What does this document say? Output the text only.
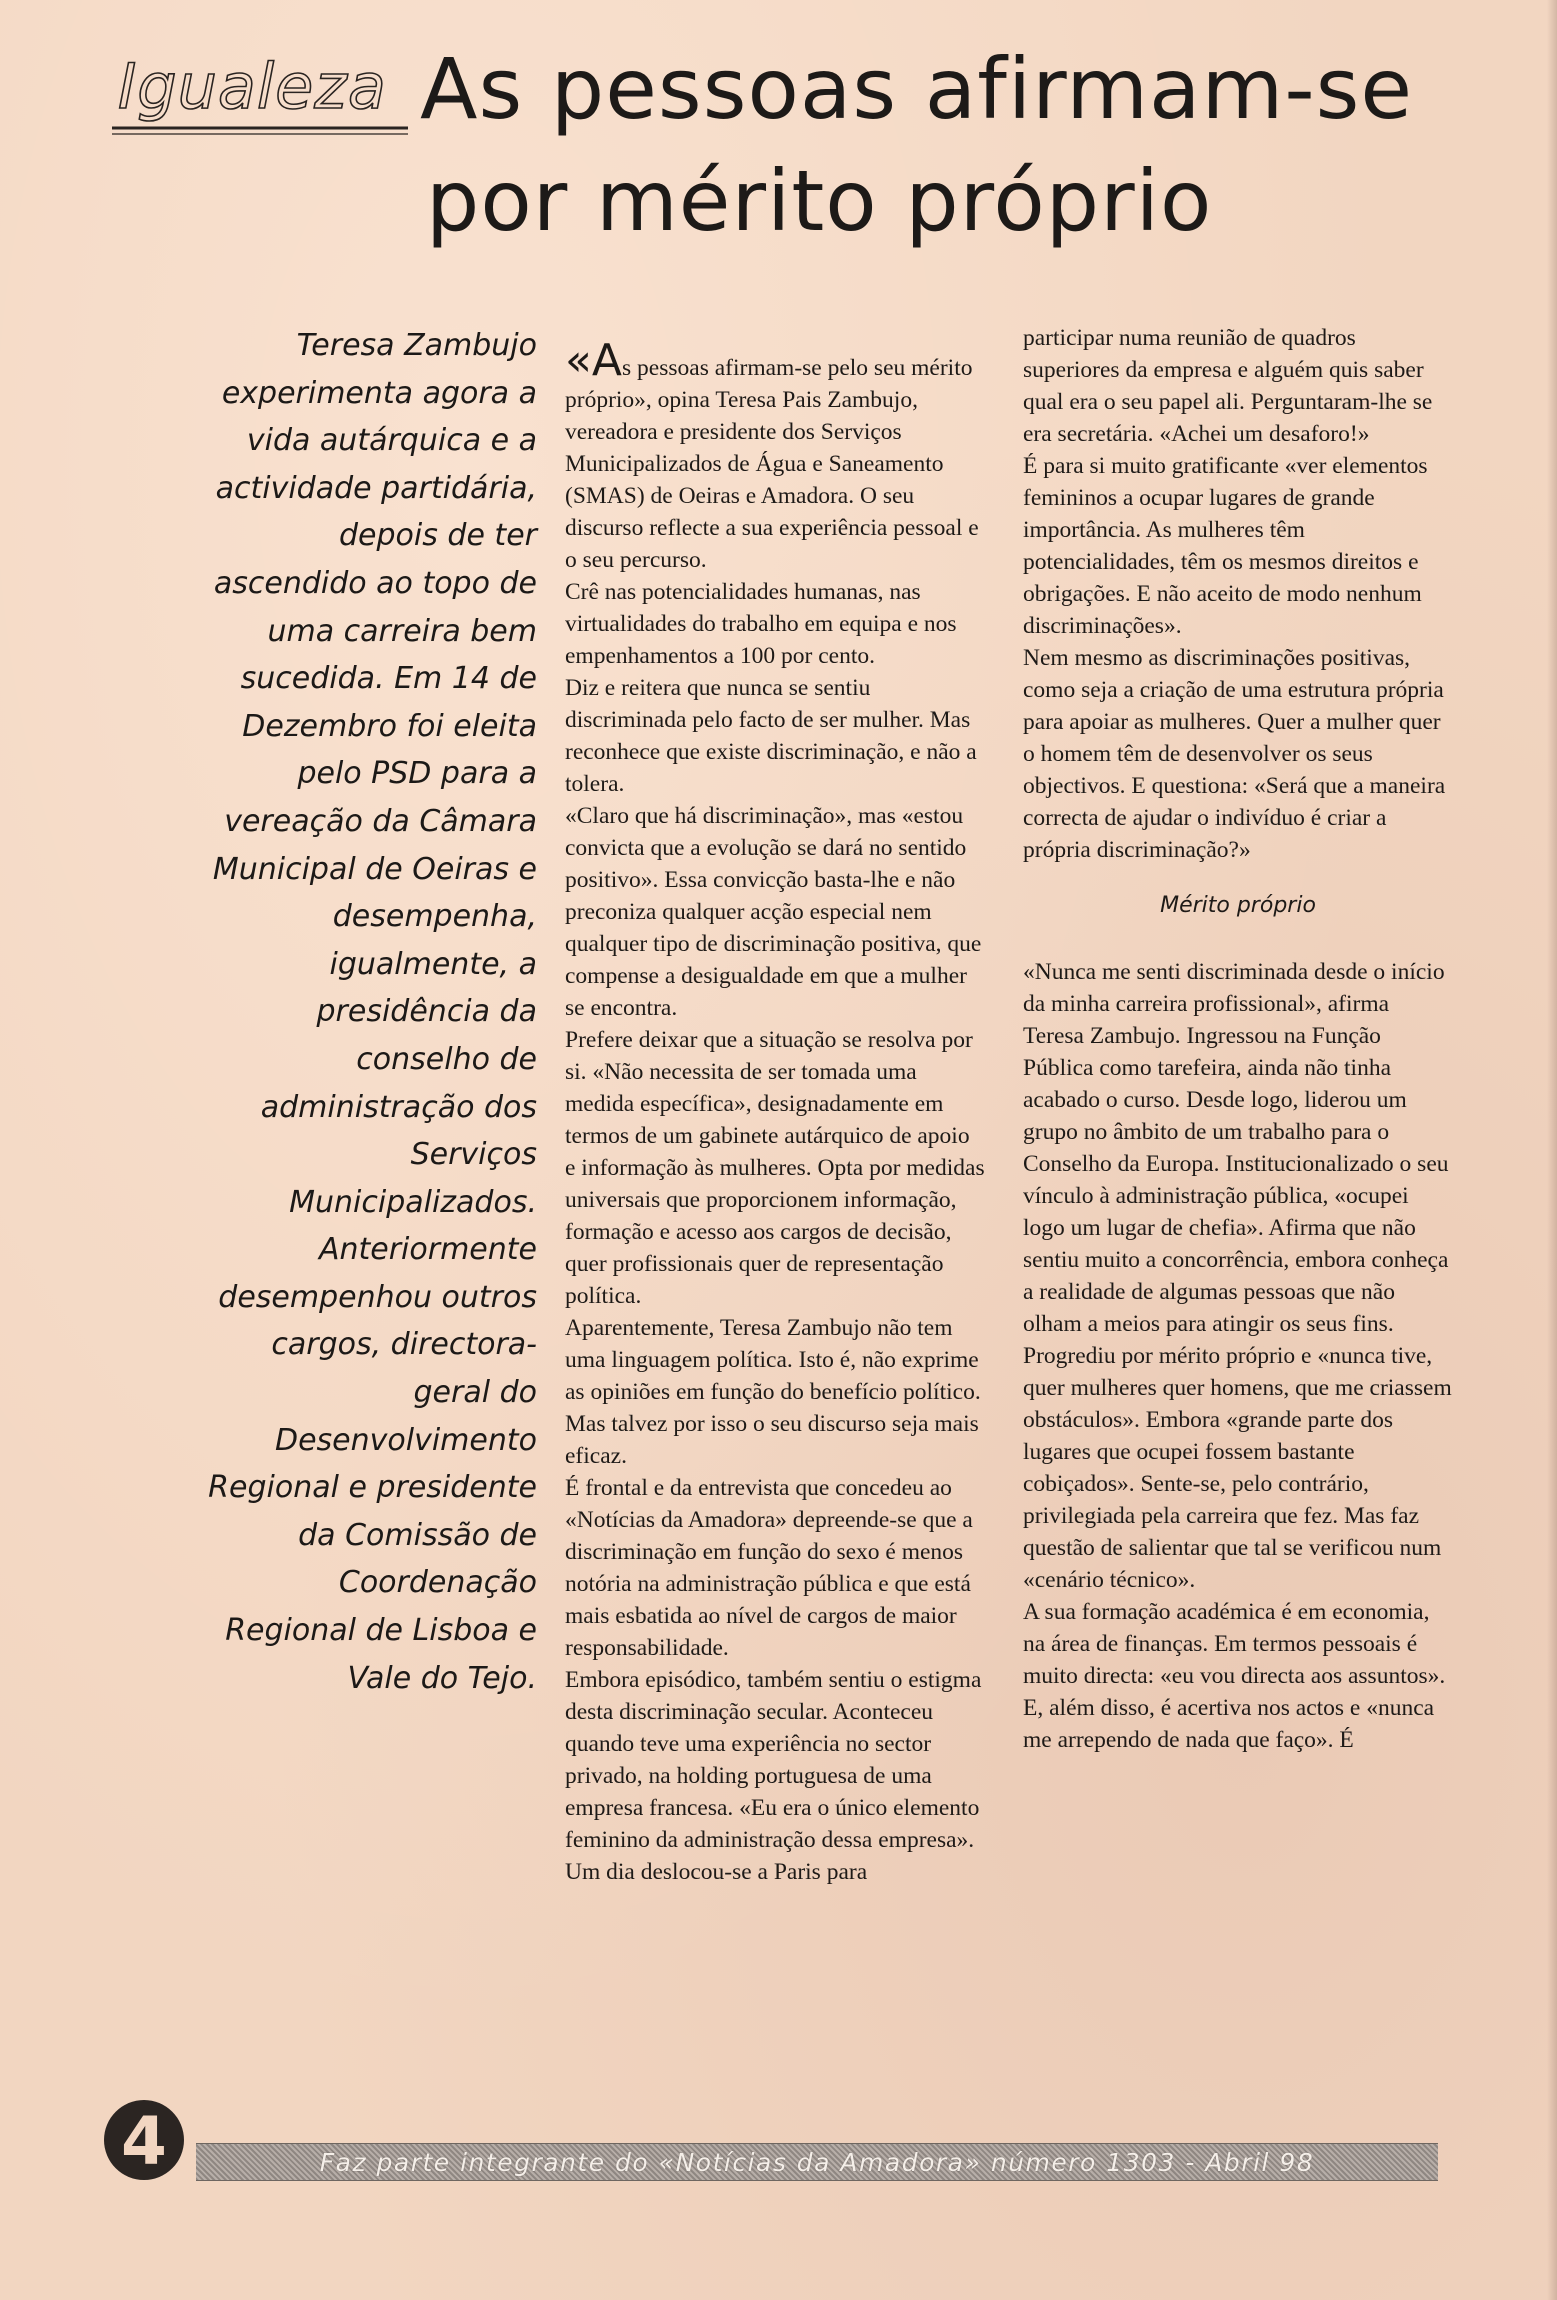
Igualeza As pessoas afirmam-se
por mérito próprio
Teresa Zambujo experimenta agora a vida autárquica e a actividade partidária, depois de ter ascendido ao topo de uma carreira bem sucedida. Em 14 de Dezembro foi eleita pelo PSD para a vereação da Câmara Municipal de Oeiras e desempenha, igualmente, a presidência da conselho de administração dos Serviços Municipalizados. Anteriormente desempenhou outros cargos, directora-geral do Desenvolvimento Regional e presidente da Comissão de Coordenação Regional de Lisboa e Vale do Tejo.

«As pessoas afirmam-se pelo seu mérito próprio», opina Teresa Pais Zambujo, vereadora e presidente dos Serviços Municipalizados de Água e Saneamento (SMAS) de Oeiras e Amadora. O seu discurso reflecte a sua experiência pessoal e o seu percurso.

Crê nas potencialidades humanas, nas virtualidades do trabalho em equipa e nos empenhamentos a 100 por cento.

Diz e reitera que nunca se sentiu discriminada pelo facto de ser mulher. Mas reconhece que existe discriminação, e não a tolera.

«Claro que há discriminação», mas «estou convicta que a evolução se dará no sentido positivo». Essa convicção basta-lhe e não preconiza qualquer acção especial nem qualquer tipo de discriminação positiva, que compense a desigualdade em que a mulher se encontra.

Prefere deixar que a situação se resolva por si. «Não necessita de ser tomada uma medida específica», designadamente em termos de um gabinete autárquico de apoio e informação às mulheres. Opta por medidas universais que proporcionem informação, formação e acesso aos cargos de decisão, quer profissionais quer de representação política.

Aparentemente, Teresa Zambujo não tem uma linguagem política. Isto é, não exprime as opiniões em função do benefício político. Mas talvez por isso o seu discurso seja mais eficaz.

É frontal e da entrevista que concedeu ao «Notícias da Amadora» depreende-se que a discriminação em função do sexo é menos notória na administração pública e que está mais esbatida ao nível de cargos de maior responsabilidade.

Embora episódico, também sentiu o estigma desta discriminação secular. Aconteceu quando teve uma experiência no sector privado, na holding portuguesa de uma empresa francesa. «Eu era o único elemento feminino da administração dessa empresa».

Um dia deslocou-se a Paris para

participar numa reunião de quadros superiores da empresa e alguém quis saber qual era o seu papel ali. Perguntaram-lhe se era secretária. «Achei um desaforo!»

É para si muito gratificante «ver elementos femininos a ocupar lugares de grande importância. As mulheres têm potencialidades, têm os mesmos direitos e obrigações. E não aceito de modo nenhum discriminações».

Nem mesmo as discriminações positivas, como seja a criação de uma estrutura própria para apoiar as mulheres. Quer a mulher quer o homem têm de desenvolver os seus objectivos. E questiona: «Será que a maneira correcta de ajudar o indivíduo é criar a própria discriminação?»

Mérito próprio

«Nunca me senti discriminada desde o início da minha carreira profissional», afirma Teresa Zambujo. Ingressou na Função Pública como tarefeira, ainda não tinha acabado o curso. Desde logo, liderou um grupo no âmbito de um trabalho para o Conselho da Europa. Institucionalizado o seu vínculo à administração pública, «ocupei logo um lugar de chefia». Afirma que não sentiu muito a concorrência, embora conheça a realidade de algumas pessoas que não olham a meios para atingir os seus fins.

Progrediu por mérito próprio e «nunca tive, quer mulheres quer homens, que me criassem obstáculos». Embora «grande parte dos lugares que ocupei fossem bastante cobiçados». Sente-se, pelo contrário, privilegiada pela carreira que fez. Mas faz questão de salientar que tal se verificou num «cenário técnico».

A sua formação académica é em economia, na área de finanças. Em termos pessoais é muito directa: «eu vou directa aos assuntos». E, além disso, é acertiva nos actos e «nunca me arrependo de nada que faço». É

4	Faz parte integrante do «Notícias da Amadora» número 1303 - Abril 98
